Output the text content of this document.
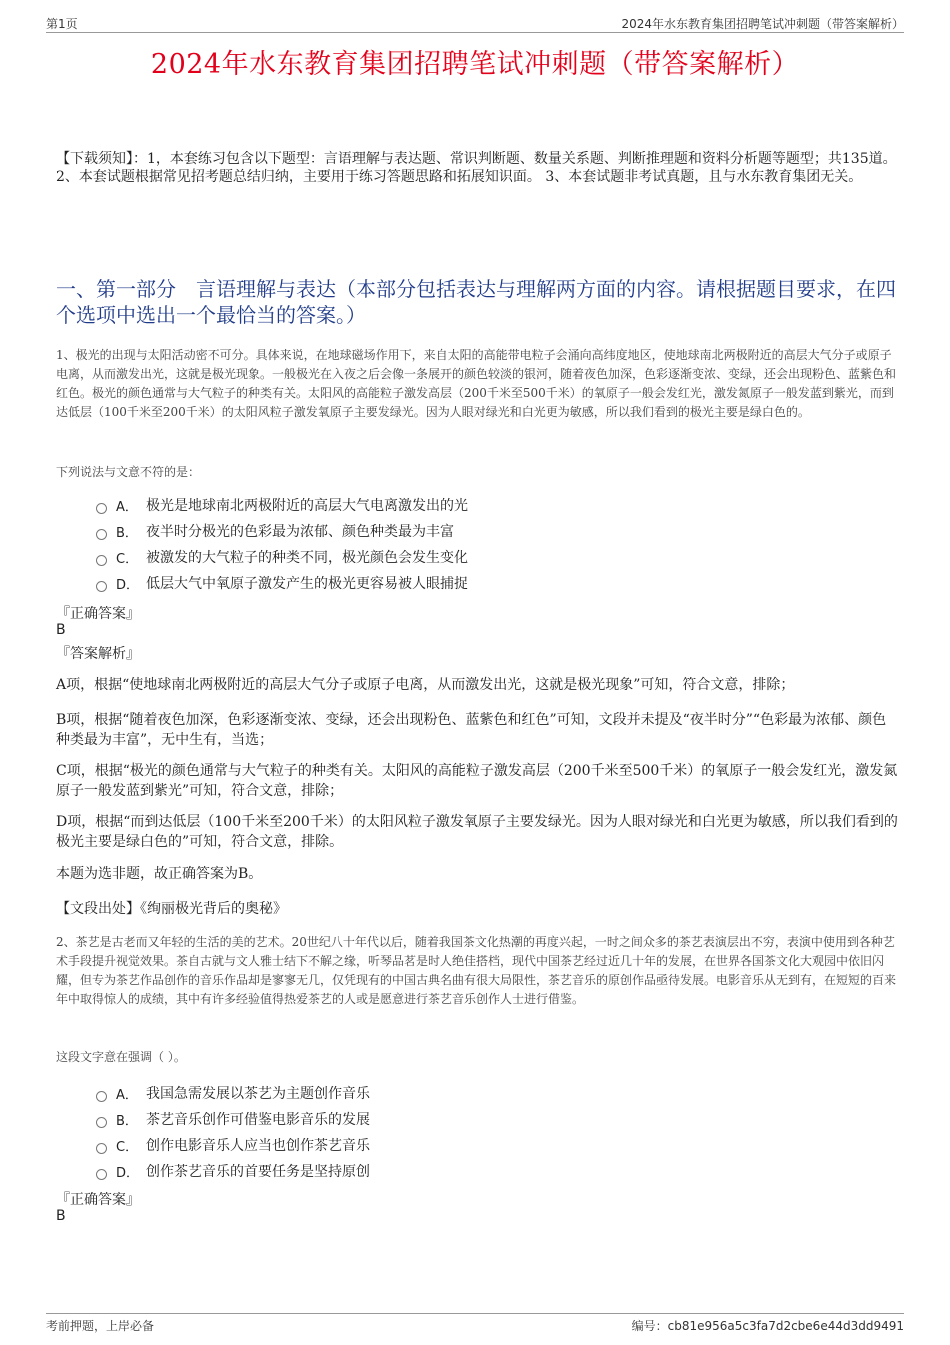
第1页	2024年水东教育集团招聘笔试冲刺题（带答案解析）
2024年水东教育集团招聘笔试冲刺题（带答案解析）
【下载须知】：1，本套练习包含以下题型：言语理解与表达题、常识判断题、数量关系题、判断推理题和资料分析题等题型；共135道。 2、本套试题根据常见招考题总结归纳，主要用于练习答题思路和拓展知识面。 3、本套试题非考试真题，且与水东教育集团无关。
一、第一部分　言语理解与表达（本部分包括表达与理解两方面的内容。请根据题目要求，在四个选项中选出一个最恰当的答案。）
1、极光的出现与太阳活动密不可分。具体来说，在地球磁场作用下，来自太阳的高能带电粒子会涌向高纬度地区，使地球南北两极附近的高层大气分子或原子电离，从而激发出光，这就是极光现象。一般极光在入夜之后会像一条展开的颜色较淡的银河，随着夜色加深，色彩逐渐变浓、变绿，还会出现粉色、蓝紫色和红色。极光的颜色通常与大气粒子的种类有关。太阳风的高能粒子激发高层（200千米至500千米）的氧原子一般会发红光，激发氮原子一般发蓝到紫光，而到达低层（100千米至200千米）的太阳风粒子激发氧原子主要发绿光。因为人眼对绿光和白光更为敏感，所以我们看到的极光主要是绿白色的。
下列说法与文意不符的是：
A． 极光是地球南北两极附近的高层大气电离激发出的光
B． 夜半时分极光的色彩最为浓郁、颜色种类最为丰富
C． 被激发的大气粒子的种类不同，极光颜色会发生变化
D． 低层大气中氧原子激发产生的极光更容易被人眼捕捉
『正确答案』
B
『答案解析』
A项，根据“使地球南北两极附近的高层大气分子或原子电离，从而激发出光，这就是极光现象”可知，符合文意，排除；
B项，根据“随着夜色加深，色彩逐渐变浓、变绿，还会出现粉色、蓝紫色和红色”可知，文段并未提及“夜半时分”“色彩最为浓郁、颜色种类最为丰富”，无中生有，当选；
C项，根据“极光的颜色通常与大气粒子的种类有关。太阳风的高能粒子激发高层（200千米至500千米）的氧原子一般会发红光，激发氮原子一般发蓝到紫光”可知，符合文意，排除；
D项，根据“而到达低层（100千米至200千米）的太阳风粒子激发氧原子主要发绿光。因为人眼对绿光和白光更为敏感，所以我们看到的极光主要是绿白色的”可知，符合文意，排除。
本题为选非题，故正确答案为B。
【文段出处】《绚丽极光背后的奥秘》
2、茶艺是古老而又年轻的生活的美的艺术。20世纪八十年代以后，随着我国茶文化热潮的再度兴起，一时之间众多的茶艺表演层出不穷，表演中使用到各种艺术手段提升视觉效果。茶自古就与文人雅士结下不解之缘，听琴品茗是时人绝佳搭档，现代中国茶艺经过近几十年的发展，在世界各国茶文化大观园中依旧闪耀，但专为茶艺作品创作的音乐作品却是寥寥无几，仅凭现有的中国古典名曲有很大局限性，茶艺音乐的原创作品亟待发展。电影音乐从无到有，在短短的百来年中取得惊人的成绩，其中有许多经验值得热爱茶艺的人或是愿意进行茶艺音乐创作人士进行借鉴。
这段文字意在强调（ ）。
A． 我国急需发展以茶艺为主题创作音乐
B． 茶艺音乐创作可借鉴电影音乐的发展
C． 创作电影音乐人应当也创作茶艺音乐
D． 创作茶艺音乐的首要任务是坚持原创
『正确答案』
B
考前押题，上岸必备	编号：cb81e956a5c3fa7d2cbe6e44d3dd9491
